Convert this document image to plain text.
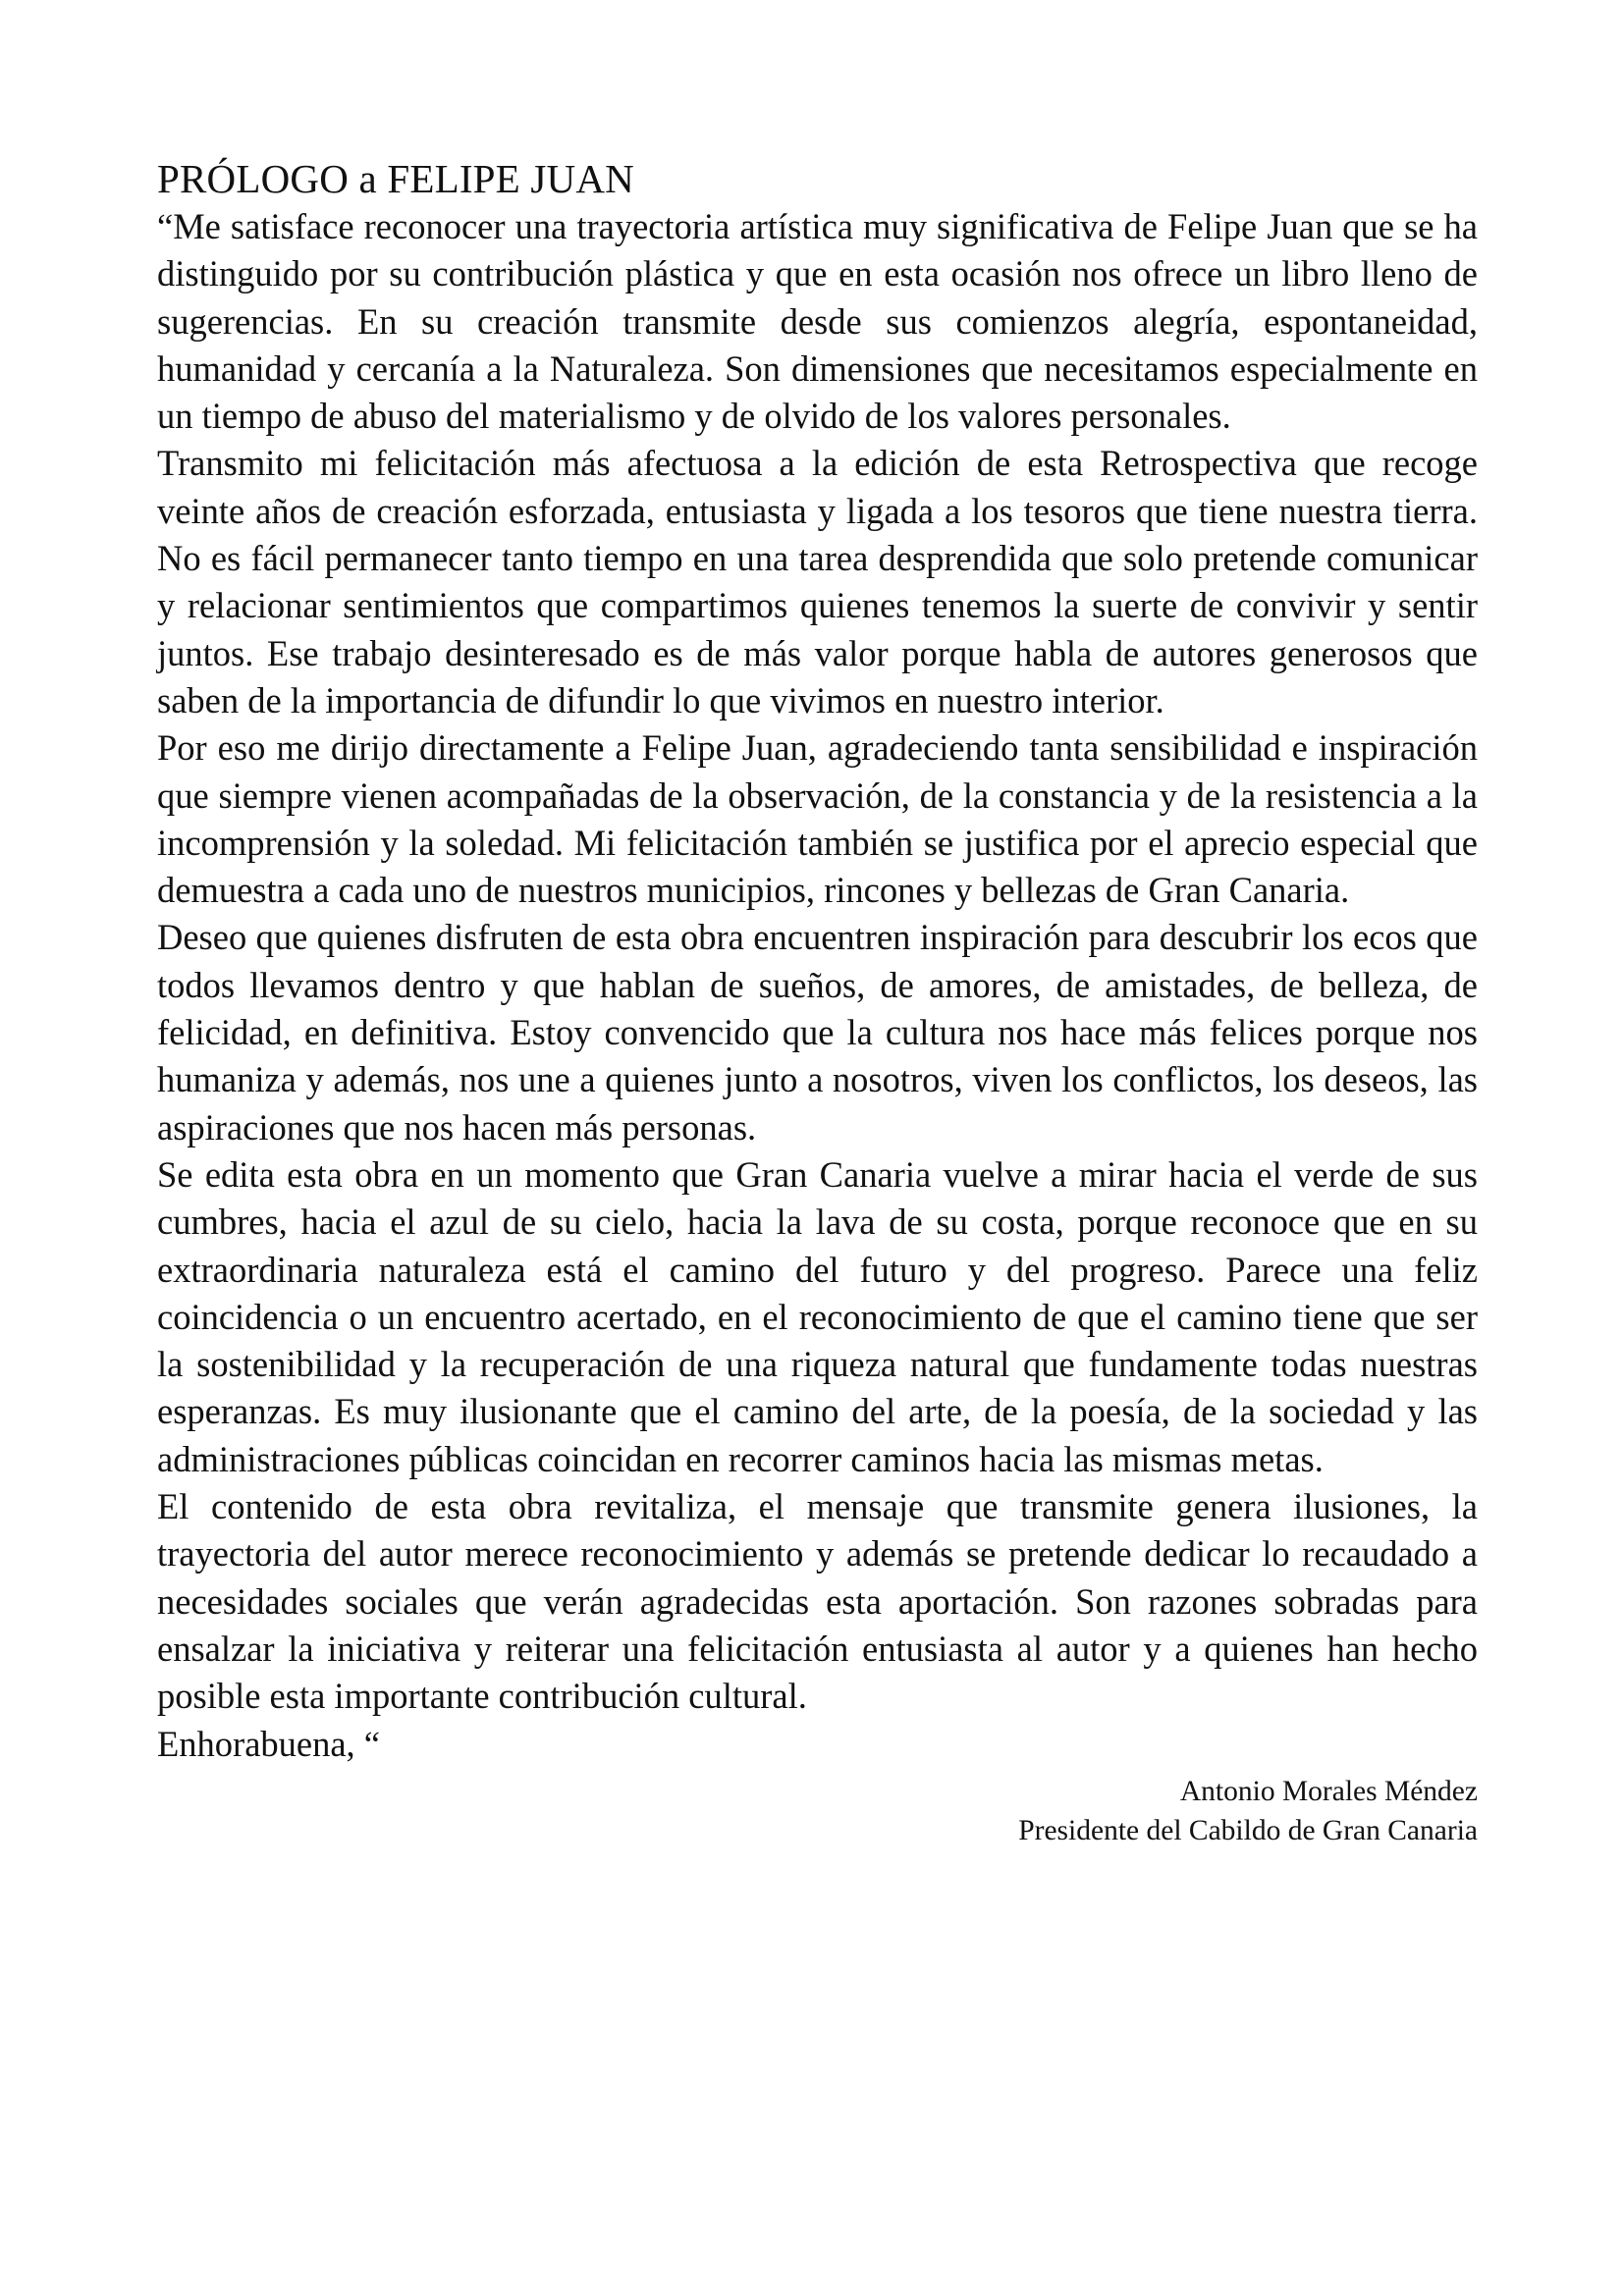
PRÓLOGO a FELIPE JUAN

“Me satisface reconocer una trayectoria artística muy significativa de Felipe Juan que se ha distinguido por su contribución plástica y que en esta ocasión nos ofrece un libro lleno de sugerencias. En su creación transmite desde sus comienzos alegría, espontaneidad, humanidad y cercanía a la Naturaleza. Son dimensiones que necesitamos especialmente en un tiempo de abuso del materialismo y de olvido de los valores personales.

Transmito mi felicitación más afectuosa a la edición de esta Retrospectiva que recoge veinte años de creación esforzada, entusiasta y ligada a los tesoros que tiene nuestra tierra. No es fácil permanecer tanto tiempo en una tarea desprendida que solo pretende comunicar y relacionar sentimientos que compartimos quienes tenemos la suerte de convivir y sentir juntos. Ese trabajo desinteresado es de más valor porque habla de autores generosos que saben de la importancia de difundir lo que vivimos en nuestro interior.

Por eso me dirijo directamente a Felipe Juan, agradeciendo tanta sensibilidad e inspiración que siempre vienen acompañadas de la observación, de la constancia y de la resistencia a la incomprensión y la soledad. Mi felicitación también se justifica por el aprecio especial que demuestra a cada uno de nuestros municipios, rincones y bellezas de Gran Canaria.

Deseo que quienes disfruten de esta obra encuentren inspiración para descubrir los ecos que todos llevamos dentro y que hablan de sueños, de amores, de amistades, de belleza, de felicidad, en definitiva. Estoy convencido que la cultura nos hace más felices porque nos humaniza y además, nos une a quienes junto a nosotros, viven los conflictos, los deseos, las aspiraciones que nos hacen más personas.

Se edita esta obra en un momento que Gran Canaria vuelve a mirar hacia el verde de sus cumbres, hacia el azul de su cielo, hacia la lava de su costa, porque reconoce que en su extraordinaria naturaleza está el camino del futuro y del progreso. Parece una feliz coincidencia o un encuentro acertado, en el reconocimiento de que el camino tiene que ser la sostenibilidad y la recuperación de una riqueza natural que fundamente todas nuestras esperanzas. Es muy ilusionante que el camino del arte, de la poesía, de la sociedad y las administraciones públicas coincidan en recorrer caminos hacia las mismas metas.

El contenido de esta obra revitaliza, el mensaje que transmite genera ilusiones, la trayectoria del autor merece reconocimiento y además se pretende dedicar lo recaudado a necesidades sociales que verán agradecidas esta aportación. Son razones sobradas para ensalzar la iniciativa y reiterar una felicitación entusiasta al autor y a quienes han hecho posible esta importante contribución cultural.

Enhorabuena, “

Antonio Morales Méndez
Presidente del Cabildo de Gran Canaria
